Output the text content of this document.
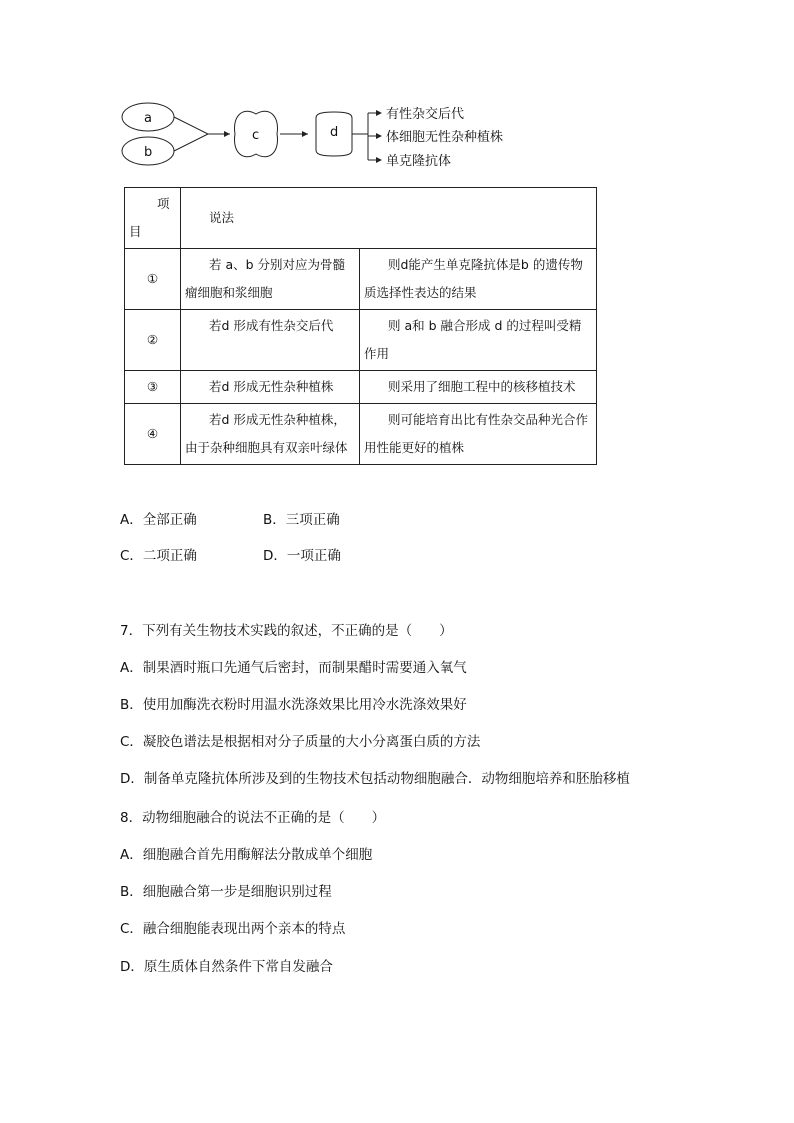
a
b
c	d
有性杂交后代
体细胞无性杂种植株
单克隆抗体
项
目	说法	
①	若 a、b 分别对应为骨髓瘤细胞和浆细胞	则d能产生单克隆抗体是b 的遗传物质选择性表达的结果
②	若d 形成有性杂交后代	则 a和 b 融合形成 d 的过程叫受精作用
③	若d 形成无性杂种植株	则采用了细胞工程中的核移植技术
④	若d 形成无性杂种植株，由于杂种细胞具有双亲叶绿体	则可能培育出比有性杂交品种光合作用性能更好的植株
A．全部正确	B．三项正确
C．二项正确	D．一项正确
7．下列有关生物技术实践的叙述，不正确的是（　　）
A．制果酒时瓶口先通气后密封，而制果醋时需要通入氧气
B．使用加酶洗衣粉时用温水洗涤效果比用冷水洗涤效果好
C．凝胶色谱法是根据相对分子质量的大小分离蛋白质的方法
D．制备单克隆抗体所涉及到的生物技术包括动物细胞融合．动物细胞培养和胚胎移植
8．动物细胞融合的说法不正确的是（　　）
A．细胞融合首先用酶解法分散成单个细胞
B．细胞融合第一步是细胞识别过程
C．融合细胞能表现出两个亲本的特点
D．原生质体自然条件下常自发融合
